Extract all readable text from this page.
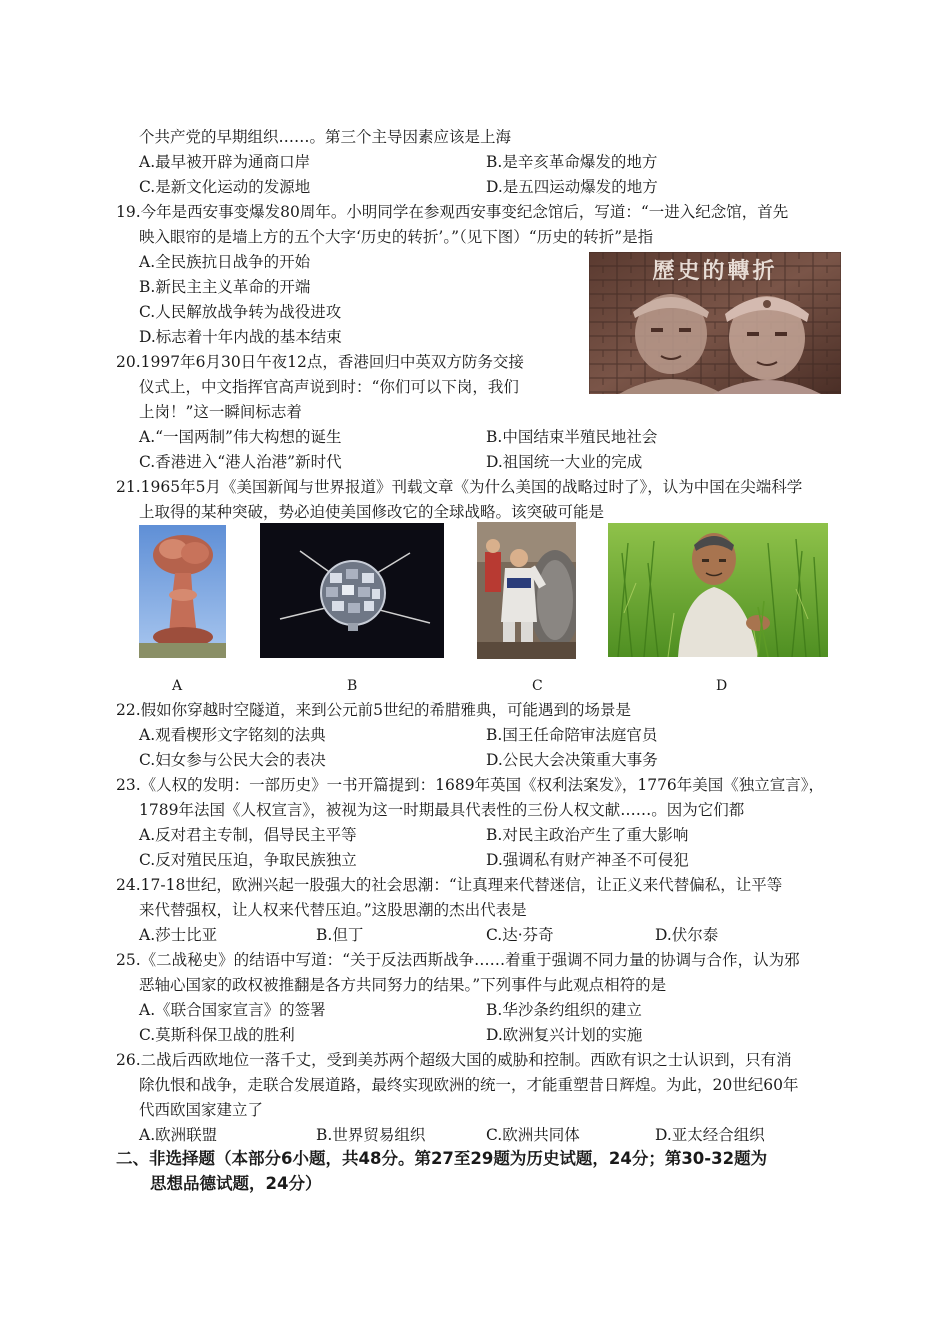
个共产党的早期组织……。第三个主导因素应该是上海
A.最早被开辟为通商口岸	B.是辛亥革命爆发的地方
C.是新文化运动的发源地	D.是五四运动爆发的地方
19.今年是西安事变爆发80周年。小明同学在参观西安事变纪念馆后，写道：“一进入纪念馆，首先
映入眼帘的是墙上方的五个大字‘历史的转折’。”（见下图）“历史的转折”是指
A.全民族抗日战争的开始
B.新民主主义革命的开端
C.人民解放战争转为战役进攻
D.标志着十年内战的基本结束
歷史的轉折
20.1997年6月30日午夜12点，香港回归中英双方防务交接
仪式上，中文指挥官高声说到时：“你们可以下岗，我们
上岗！”这一瞬间标志着
A.“一国两制”伟大构想的诞生	B.中国结束半殖民地社会
C.香港进入“港人治港”新时代	D.祖国统一大业的完成
21.1965年5月《美国新闻与世界报道》刊载文章《为什么美国的战略过时了》，认为中国在尖端科学
上取得的某种突破，势必迫使美国修改它的全球战略。该突破可能是
A	B	C	D
22.假如你穿越时空隧道，来到公元前5世纪的希腊雅典，可能遇到的场景是
A.观看楔形文字铭刻的法典	B.国王任命陪审法庭官员
C.妇女参与公民大会的表决	D.公民大会决策重大事务
23.《人权的发明：一部历史》一书开篇提到：1689年英国《权利法案发》，1776年美国《独立宣言》，
1789年法国《人权宣言》，被视为这一时期最具代表性的三份人权文献……。因为它们都
A.反对君主专制，倡导民主平等	B.对民主政治产生了重大影响
C.反对殖民压迫，争取民族独立	D.强调私有财产神圣不可侵犯
24.17-18世纪，欧洲兴起一股强大的社会思潮：“让真理来代替迷信，让正义来代替偏私，让平等
来代替强权，让人权来代替压迫。”这股思潮的杰出代表是
A.莎士比亚	B.但丁	C.达·芬奇	D.伏尔泰
25.《二战秘史》的结语中写道：“关于反法西斯战争……着重于强调不同力量的协调与合作，认为邪
恶轴心国家的政权被推翻是各方共同努力的结果。”下列事件与此观点相符的是
A.《联合国家宣言》的签署	B.华沙条约组织的建立
C.莫斯科保卫战的胜利	D.欧洲复兴计划的实施
26.二战后西欧地位一落千丈，受到美苏两个超级大国的威胁和控制。西欧有识之士认识到，只有消
除仇恨和战争，走联合发展道路，最终实现欧洲的统一，才能重塑昔日辉煌。为此，20世纪60年
代西欧国家建立了
A.欧洲联盟	B.世界贸易组织	C.欧洲共同体	D.亚太经合组织
二、非选择题（本部分6小题，共48分。第27至29题为历史试题，24分；第30-32题为
思想品德试题，24分）
